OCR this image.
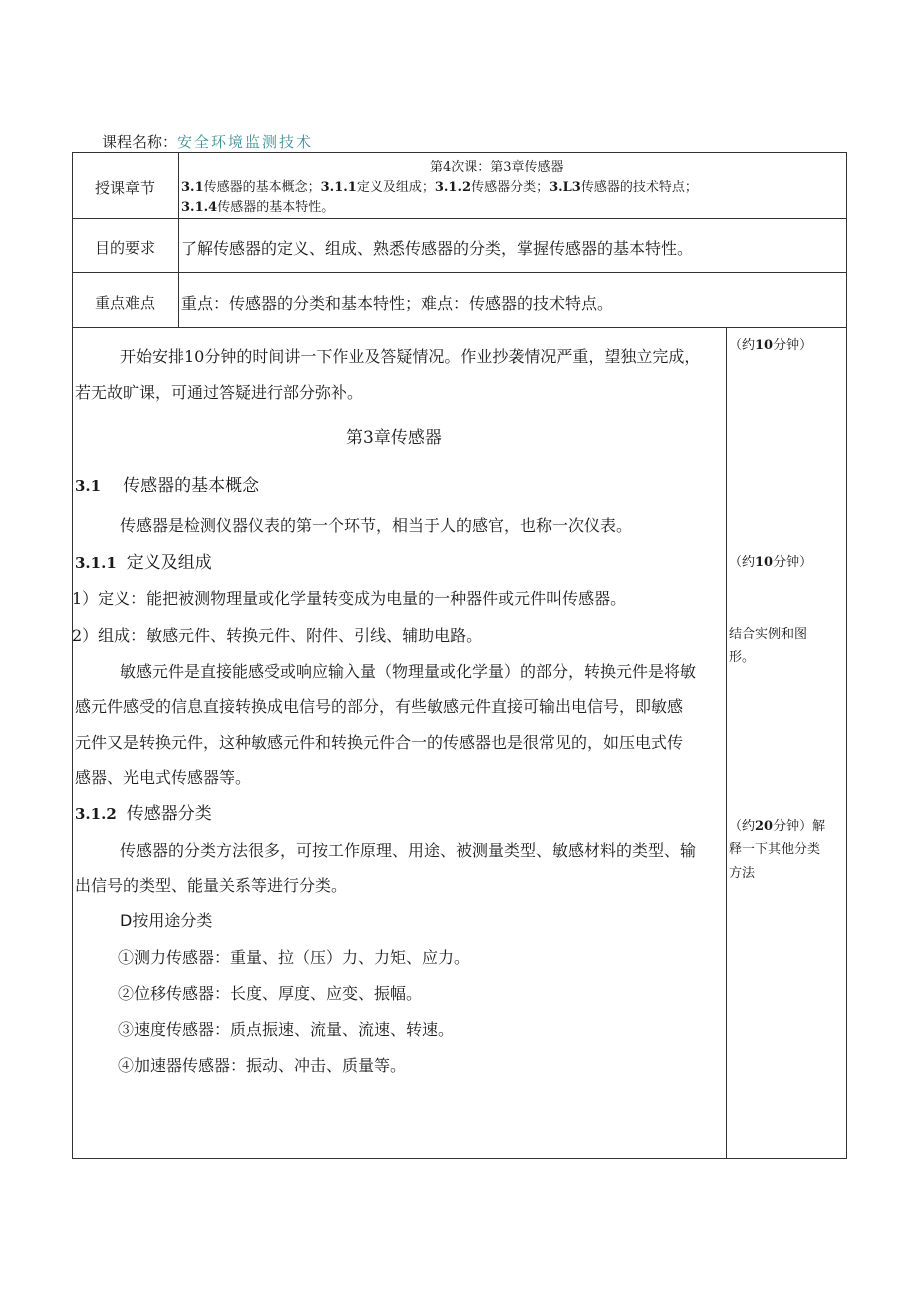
课程名称：安全环境监测技术
授课章节
第4次课：第3章传感器
3.1传感器的基本概念；3.1.1定义及组成；3.1.2传感器分类；3.L3传感器的技术特点；
3.1.4传感器的基本特性。
目的要求 了解传感器的定义、组成、熟悉传感器的分类，掌握传感器的基本特性。
重点难点 重点：传感器的分类和基本特性；难点：传感器的技术特点。
开始安排10分钟的时间讲一下作业及答疑情况。作业抄袭情况严重，望独立完成，
若无故旷课，可通过答疑进行部分弥补。
第3章传感器
3.1 传感器的基本概念
传感器是检测仪器仪表的第一个环节，相当于人的感官，也称一次仪表。
3.1.1 定义及组成
1）定义：能把被测物理量或化学量转变成为电量的一种器件或元件叫传感器。
2）组成：敏感元件、转换元件、附件、引线、辅助电路。
敏感元件是直接能感受或响应输入量（物理量或化学量）的部分，转换元件是将敏
感元件感受的信息直接转换成电信号的部分，有些敏感元件直接可输出电信号，即敏感
元件又是转换元件，这种敏感元件和转换元件合一的传感器也是很常见的，如压电式传
感器、光电式传感器等。
3.1.2 传感器分类
传感器的分类方法很多，可按工作原理、用途、被测量类型、敏感材料的类型、输
出信号的类型、能量关系等进行分类。
D按用途分类
①测力传感器：重量、拉（压）力、力矩、应力。
②位移传感器：长度、厚度、应变、振幅。
③速度传感器：质点振速、流量、流速、转速。
④加速器传感器：振动、冲击、质量等。
（约10分钟）
（约10分钟）
结合实例和图
形。
（约20分钟）解
释一下其他分类
方法
